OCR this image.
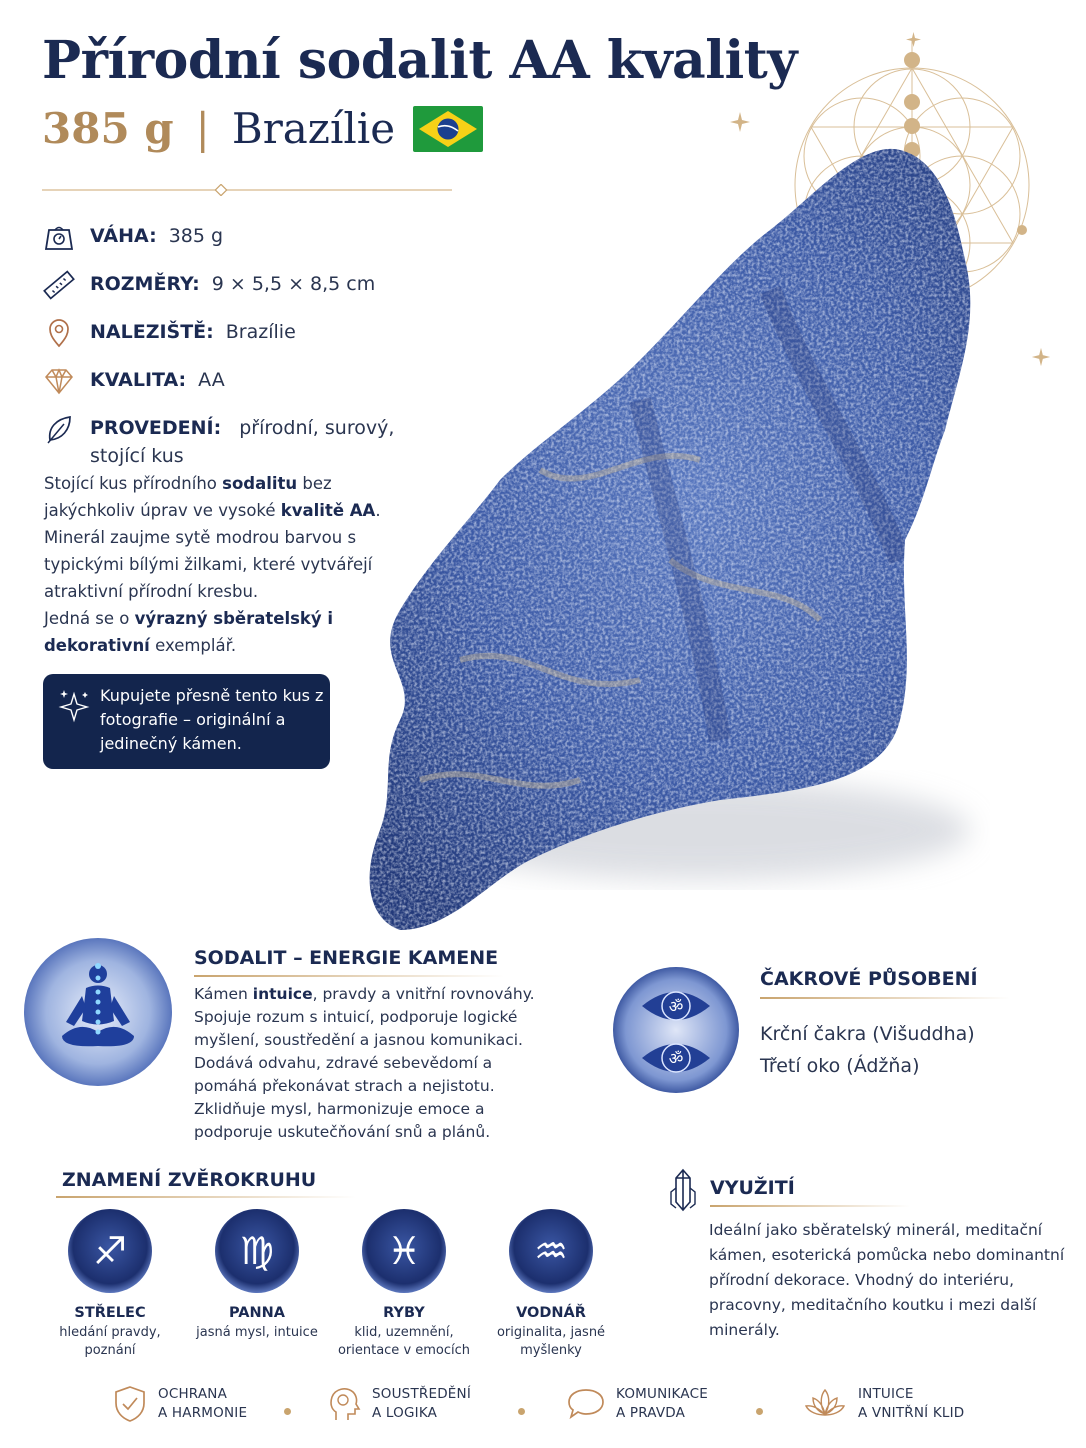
Přírodní sodalit AA kvality
385 g | Brazílie
VÁHA: 385 g
ROZMĚRY: 9 × 5,5 × 8,5 cm
NALEZIŠTĚ: Brazílie
KVALITA: AA
PROVEDENÍ: přírodní, surový, stojící kus
Stojící kus přírodního sodalitu bez jakýchkoliv úprav ve vysoké kvalitě AA. Minerál zaujme sytě modrou barvou s typickými bílými žilkami, které vytvářejí atraktivní přírodní kresbu.
Jedná se o výrazný sběratelský i dekorativní exemplář.
Kupujete přesně tento kus z fotografie – originální a jedinečný kámen.
SODALIT – ENERGIE KAMENE
Kámen intuice, pravdy a vnitřní rovnováhy. Spojuje rozum s intuicí, podporuje logické myšlení, soustředění a jasnou komunikaci. Dodává odvahu, zdravé sebevědomí a pomáhá překonávat strach a nejistotu. Zklidňuje mysl, harmonizuje emoce a podporuje uskutečňování snů a plánů.
ॐ
ॐ
ČAKROVÉ PŮSOBENÍ
Krční čakra (Višuddha)
Třetí oko (Ádžňa)
ZNAMENÍ ZVĚROKRUHU
♐
STŘELEC
hledání pravdy, poznání
♍
PANNA
jasná mysl, intuice
♓
RYBY
klid, uzemnění, orientace v emocích
♒
VODNÁŘ
originalita, jasné myšlenky
VYUŽITÍ
Ideální jako sběratelský minerál, meditační kámen, esoterická pomůcka nebo dominantní přírodní dekorace. Vhodný do interiéru, pracovny, meditačního koutku i mezi další minerály.
OCHRANA
A HARMONIE
SOUSTŘEDĚNÍ
A LOGIKA
KOMUNIKACE
A PRAVDA
INTUICE
A VNITŘNÍ KLID
